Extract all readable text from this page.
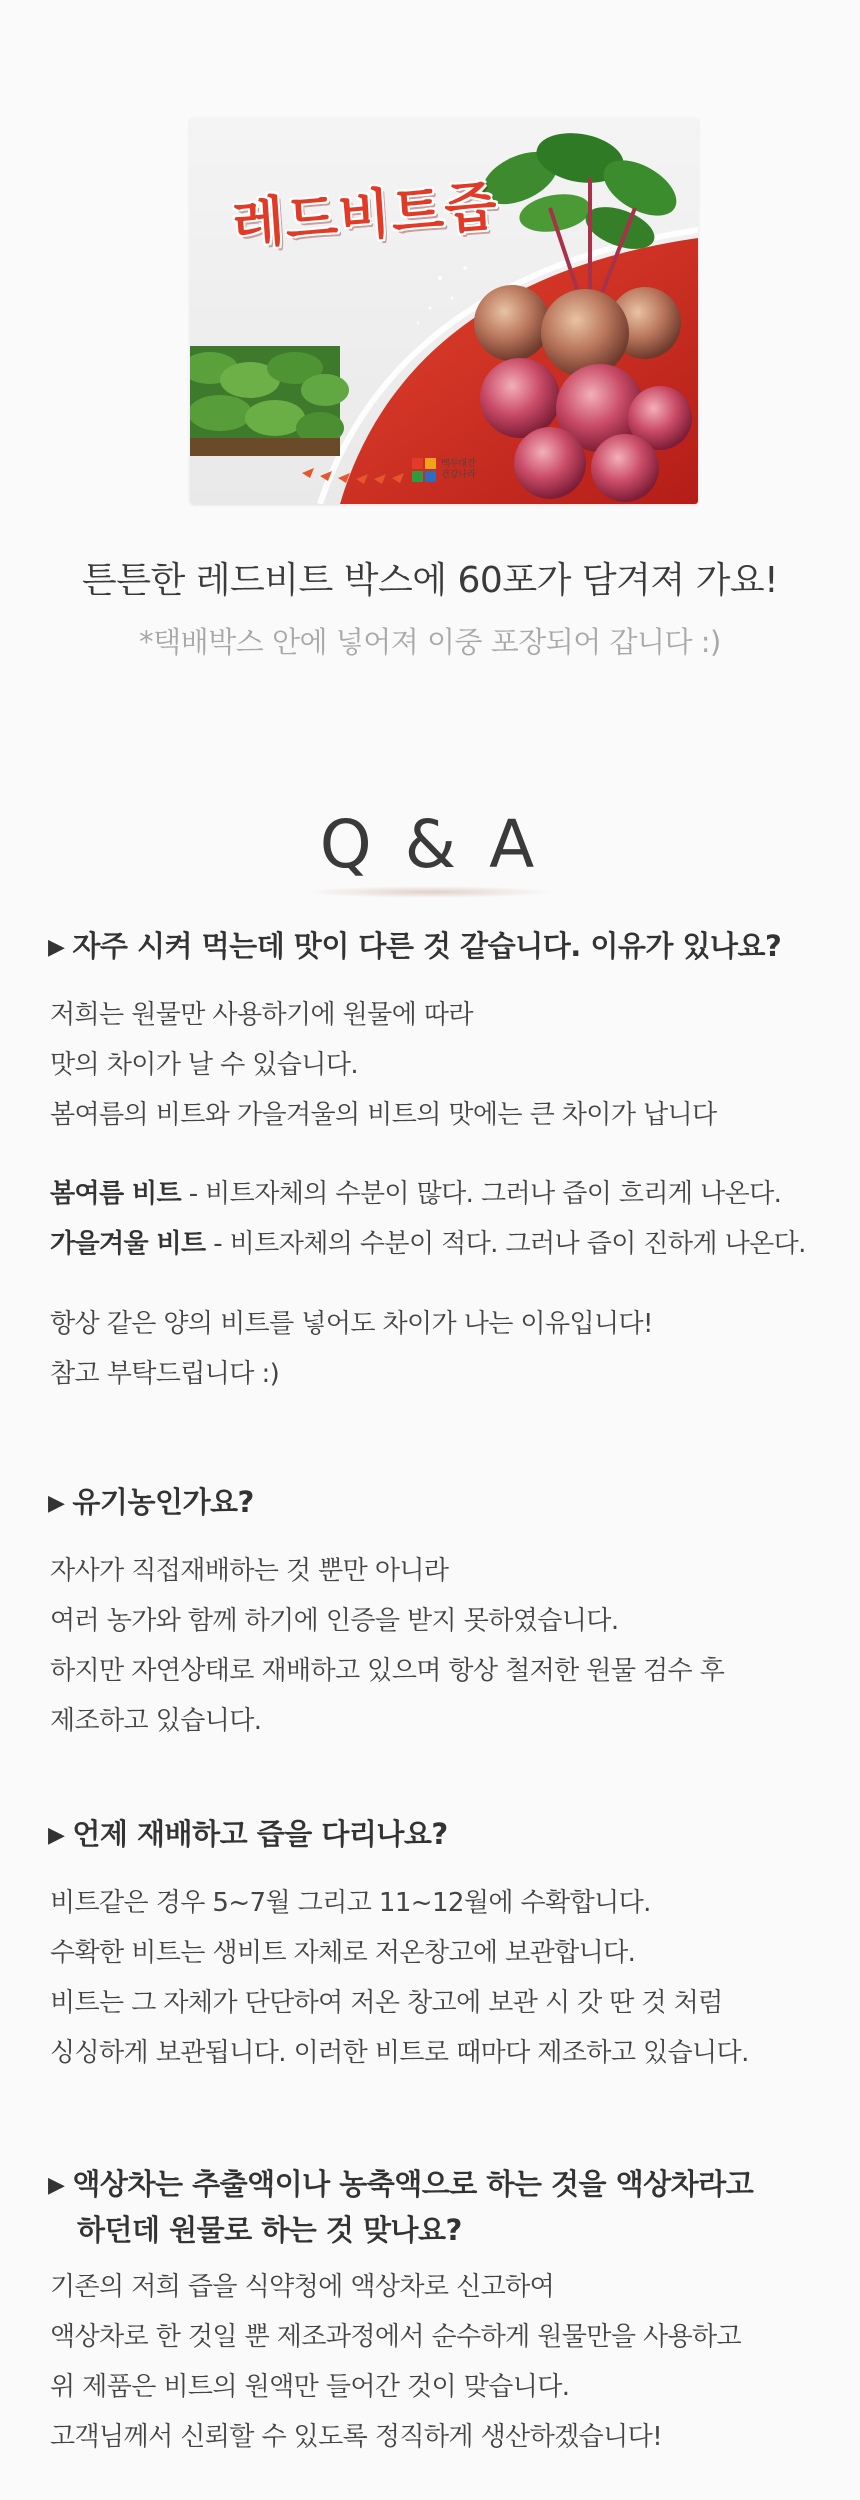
레드비트즙
백두대간
건강나라
튼튼한 레드비트 박스에 60포가 담겨져 가요!
*택배박스 안에 넣어져 이중 포장되어 갑니다 :)
Q & A
▶ 자주 시켜 먹는데 맛이 다른 것 같습니다. 이유가 있나요?

저희는 원물만 사용하기에 원물에 따라

맛의 차이가 날 수 있습니다.

봄여름의 비트와 가을겨울의 비트의 맛에는 큰 차이가 납니다

봄여름 비트 - 비트자체의 수분이 많다. 그러나 즙이 흐리게 나온다.

가을겨울 비트 - 비트자체의 수분이 적다. 그러나 즙이 진하게 나온다.

항상 같은 양의 비트를 넣어도 차이가 나는 이유입니다!

참고 부탁드립니다 :)

▶ 유기농인가요?

자사가 직접재배하는 것 뿐만 아니라

여러 농가와 함께 하기에 인증을 받지 못하였습니다.

하지만 자연상태로 재배하고 있으며 항상 철저한 원물 검수 후

제조하고 있습니다.

▶ 언제 재배하고 즙을 다리나요?

비트같은 경우 5~7월 그리고 11~12월에 수확합니다.

수확한 비트는 생비트 자체로 저온창고에 보관합니다.

비트는 그 자체가 단단하여 저온 창고에 보관 시 갓 딴 것 처럼

싱싱하게 보관됩니다. 이러한 비트로 때마다 제조하고 있습니다.

▶ 액상차는 추출액이나 농축액으로 하는 것을 액상차라고
하던데 원물로 하는 것 맞나요?

기존의 저희 즙을 식약청에 액상차로 신고하여

액상차로 한 것일 뿐 제조과정에서 순수하게 원물만을 사용하고

위 제품은 비트의 원액만 들어간 것이 맞습니다.

고객님께서 신뢰할 수 있도록 정직하게 생산하겠습니다!
